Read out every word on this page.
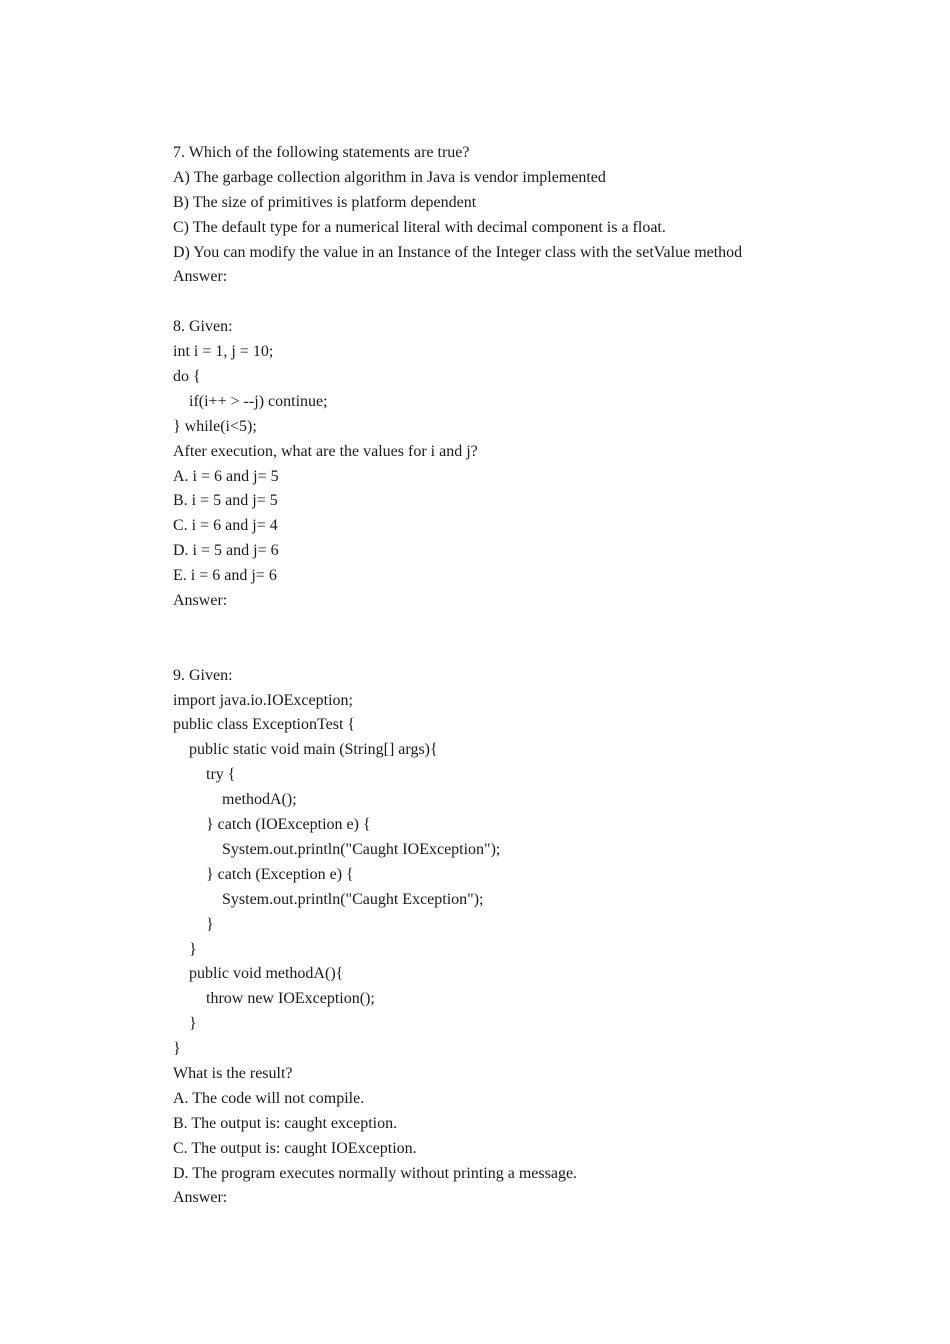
7. Which of the following statements are true?
A) The garbage collection algorithm in Java is vendor implemented
B) The size of primitives is platform dependent
C) The default type for a numerical literal with decimal component is a float.
D) You can modify the value in an Instance of the Integer class with the setValue method
Answer:
8. Given:
int i = 1, j = 10;
do {
if(i++ > --j) continue;
} while(i<5);
After execution, what are the values for i and j?
A. i = 6 and j= 5
B. i = 5 and j= 5
C. i = 6 and j= 4
D. i = 5 and j= 6
E. i = 6 and j= 6
Answer:
9. Given:
import java.io.IOException;
public class ExceptionTest {
public static void main (String[] args){
try {
methodA();
} catch (IOException e) {
System.out.println("Caught IOException");
} catch (Exception e) {
System.out.println("Caught Exception");
}
}
public void methodA(){
throw new IOException();
}
}
What is the result?
A. The code will not compile.
B. The output is: caught exception.
C. The output is: caught IOException.
D. The program executes normally without printing a message.
Answer:
